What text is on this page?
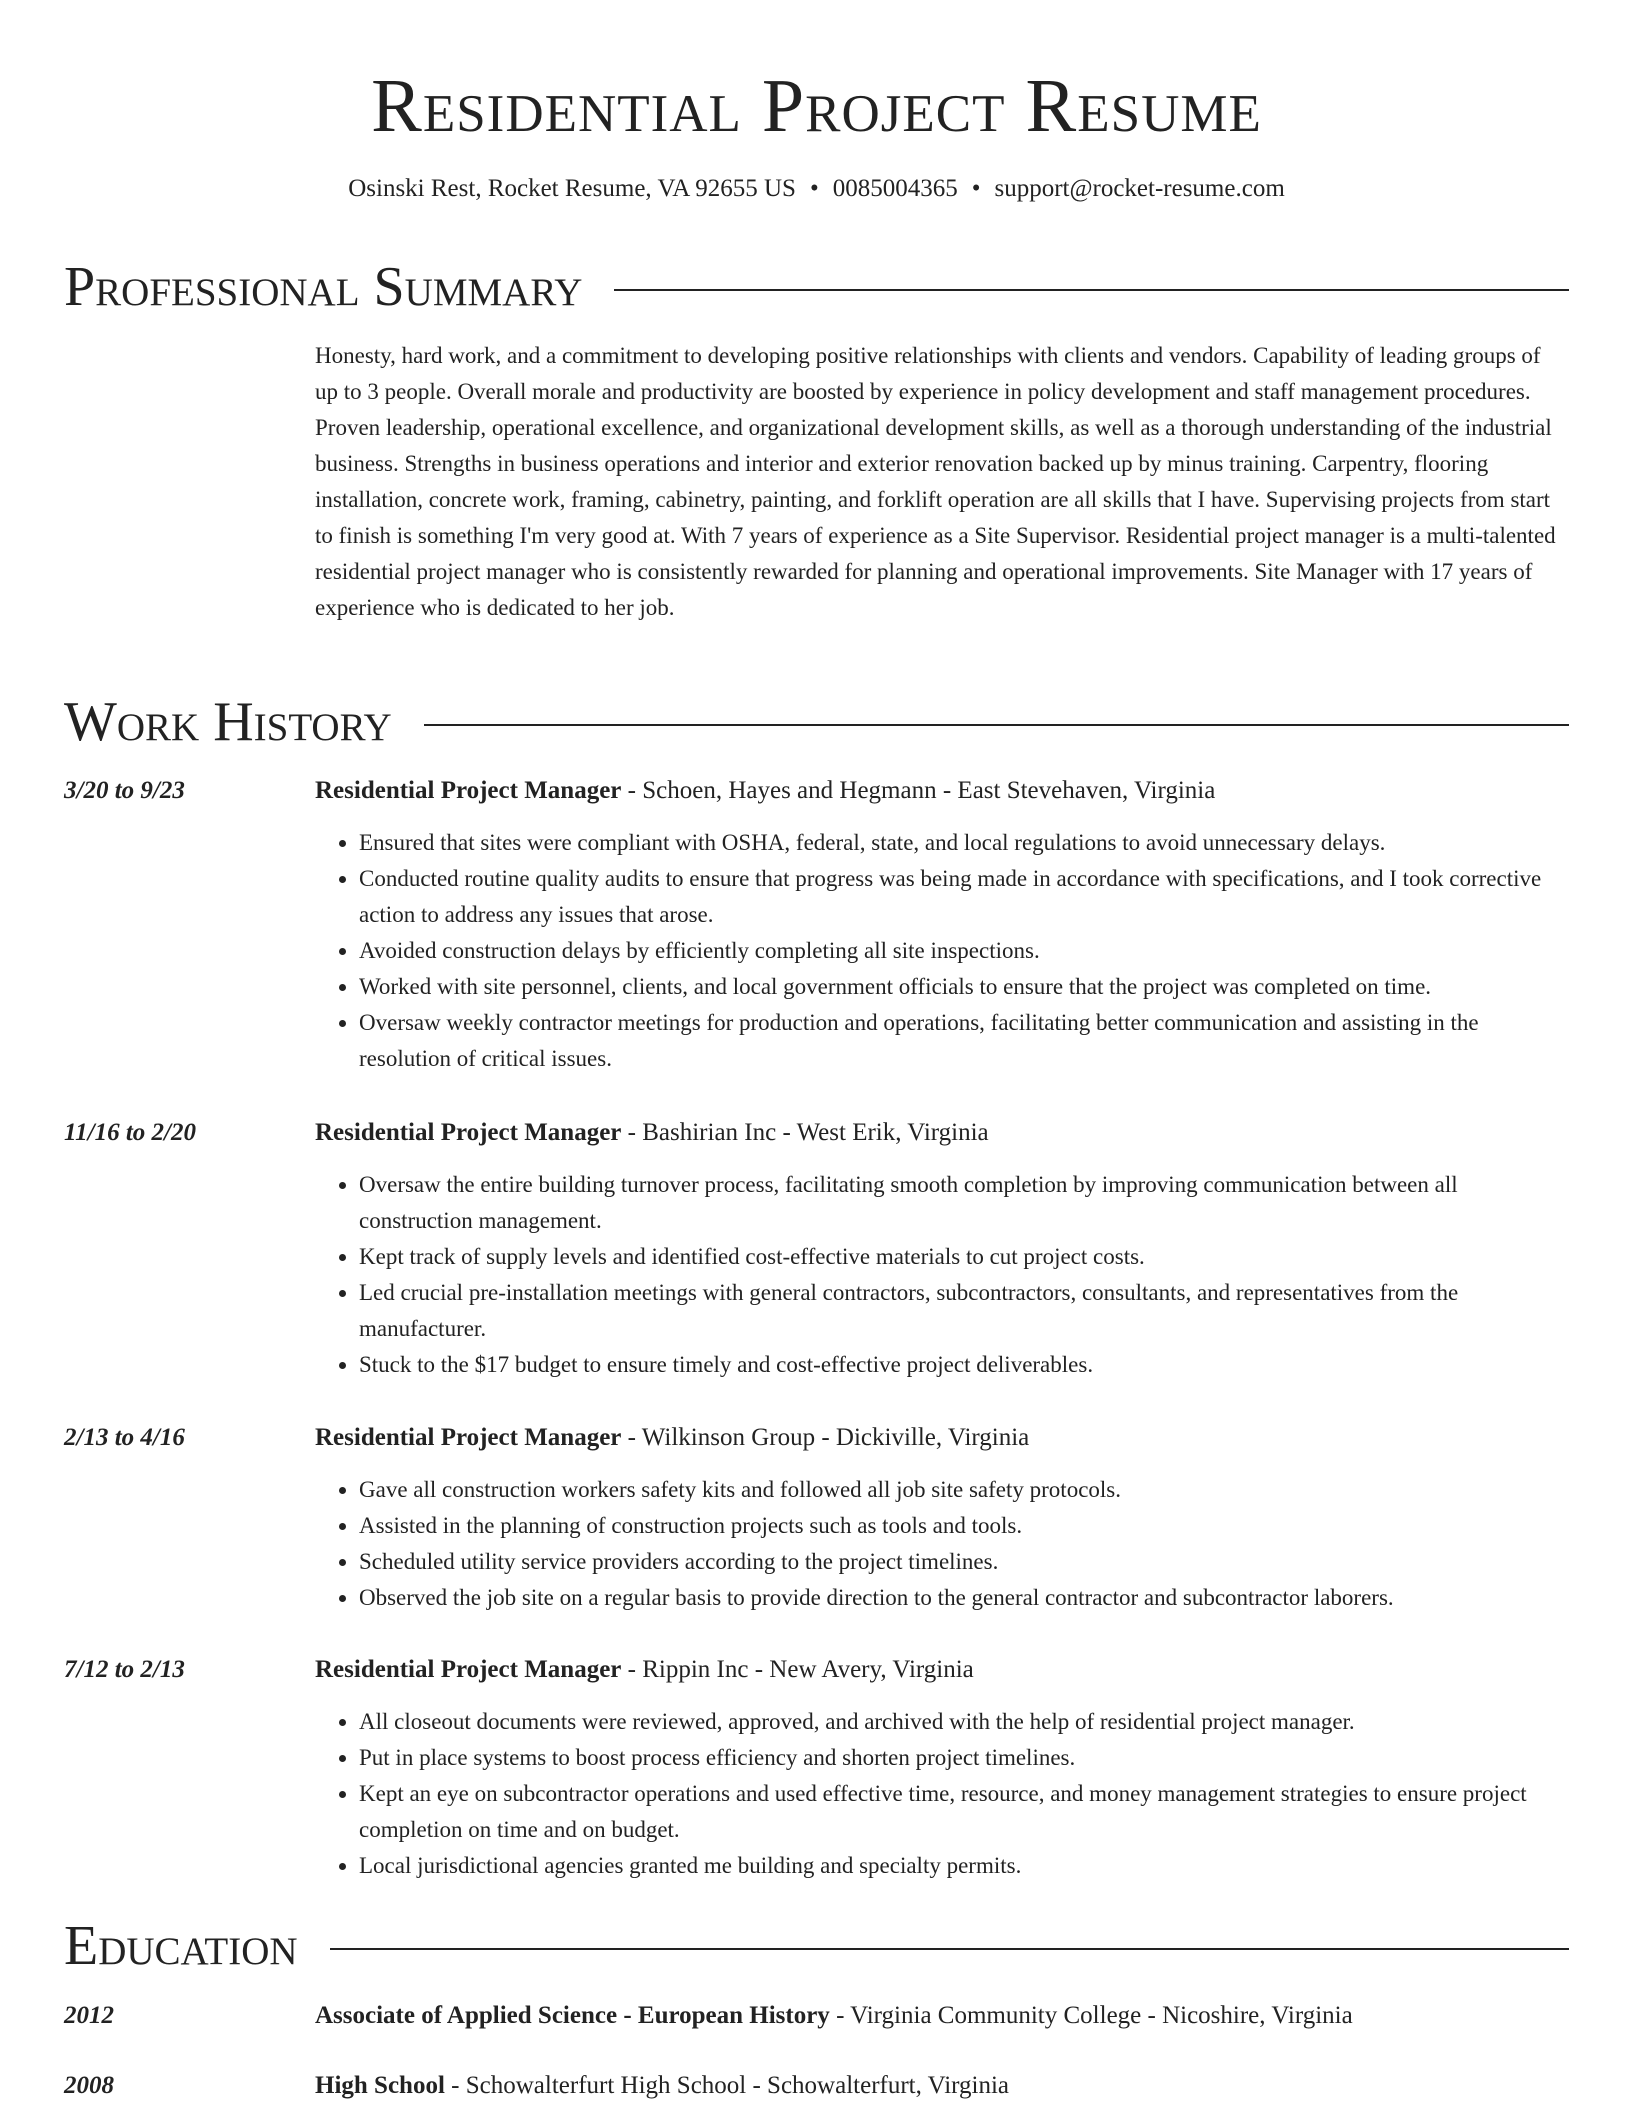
Residential Project Resume
Osinski Rest, Rocket Resume, VA 92655 US • 0085004365 • support@rocket-resume.com
Professional Summary
Honesty, hard work, and a commitment to developing positive relationships with clients and vendors. Capability of leading groups of up to 3 people. Overall morale and productivity are boosted by experience in policy development and staff management procedures. Proven leadership, operational excellence, and organizational development skills, as well as a thorough understanding of the industrial business. Strengths in business operations and interior and exterior renovation backed up by minus training. Carpentry, flooring installation, concrete work, framing, cabinetry, painting, and forklift operation are all skills that I have. Supervising projects from start to finish is something I'm very good at. With 7 years of experience as a Site Supervisor. Residential project manager is a multi-talented residential project manager who is consistently rewarded for planning and operational improvements. Site Manager with 17 years of experience who is dedicated to her job.
Work History
3/20 to 9/23	Residential Project Manager - Schoen, Hayes and Hegmann - East Stevehaven, Virginia
• Ensured that sites were compliant with OSHA, federal, state, and local regulations to avoid unnecessary delays.
• Conducted routine quality audits to ensure that progress was being made in accordance with specifications, and I took corrective action to address any issues that arose.
• Avoided construction delays by efficiently completing all site inspections.
• Worked with site personnel, clients, and local government officials to ensure that the project was completed on time.
• Oversaw weekly contractor meetings for production and operations, facilitating better communication and assisting in the resolution of critical issues.
11/16 to 2/20	Residential Project Manager - Bashirian Inc - West Erik, Virginia
• Oversaw the entire building turnover process, facilitating smooth completion by improving communication between all construction management.
• Kept track of supply levels and identified cost-effective materials to cut project costs.
• Led crucial pre-installation meetings with general contractors, subcontractors, consultants, and representatives from the manufacturer.
• Stuck to the $17 budget to ensure timely and cost-effective project deliverables.
2/13 to 4/16	Residential Project Manager - Wilkinson Group - Dickiville, Virginia
• Gave all construction workers safety kits and followed all job site safety protocols.
• Assisted in the planning of construction projects such as tools and tools.
• Scheduled utility service providers according to the project timelines.
• Observed the job site on a regular basis to provide direction to the general contractor and subcontractor laborers.
7/12 to 2/13	Residential Project Manager - Rippin Inc - New Avery, Virginia
• All closeout documents were reviewed, approved, and archived with the help of residential project manager.
• Put in place systems to boost process efficiency and shorten project timelines.
• Kept an eye on subcontractor operations and used effective time, resource, and money management strategies to ensure project completion on time and on budget.
• Local jurisdictional agencies granted me building and specialty permits.
Education
2012	Associate of Applied Science - European History - Virginia Community College - Nicoshire, Virginia
2008	High School - Schowalterfurt High School - Schowalterfurt, Virginia
